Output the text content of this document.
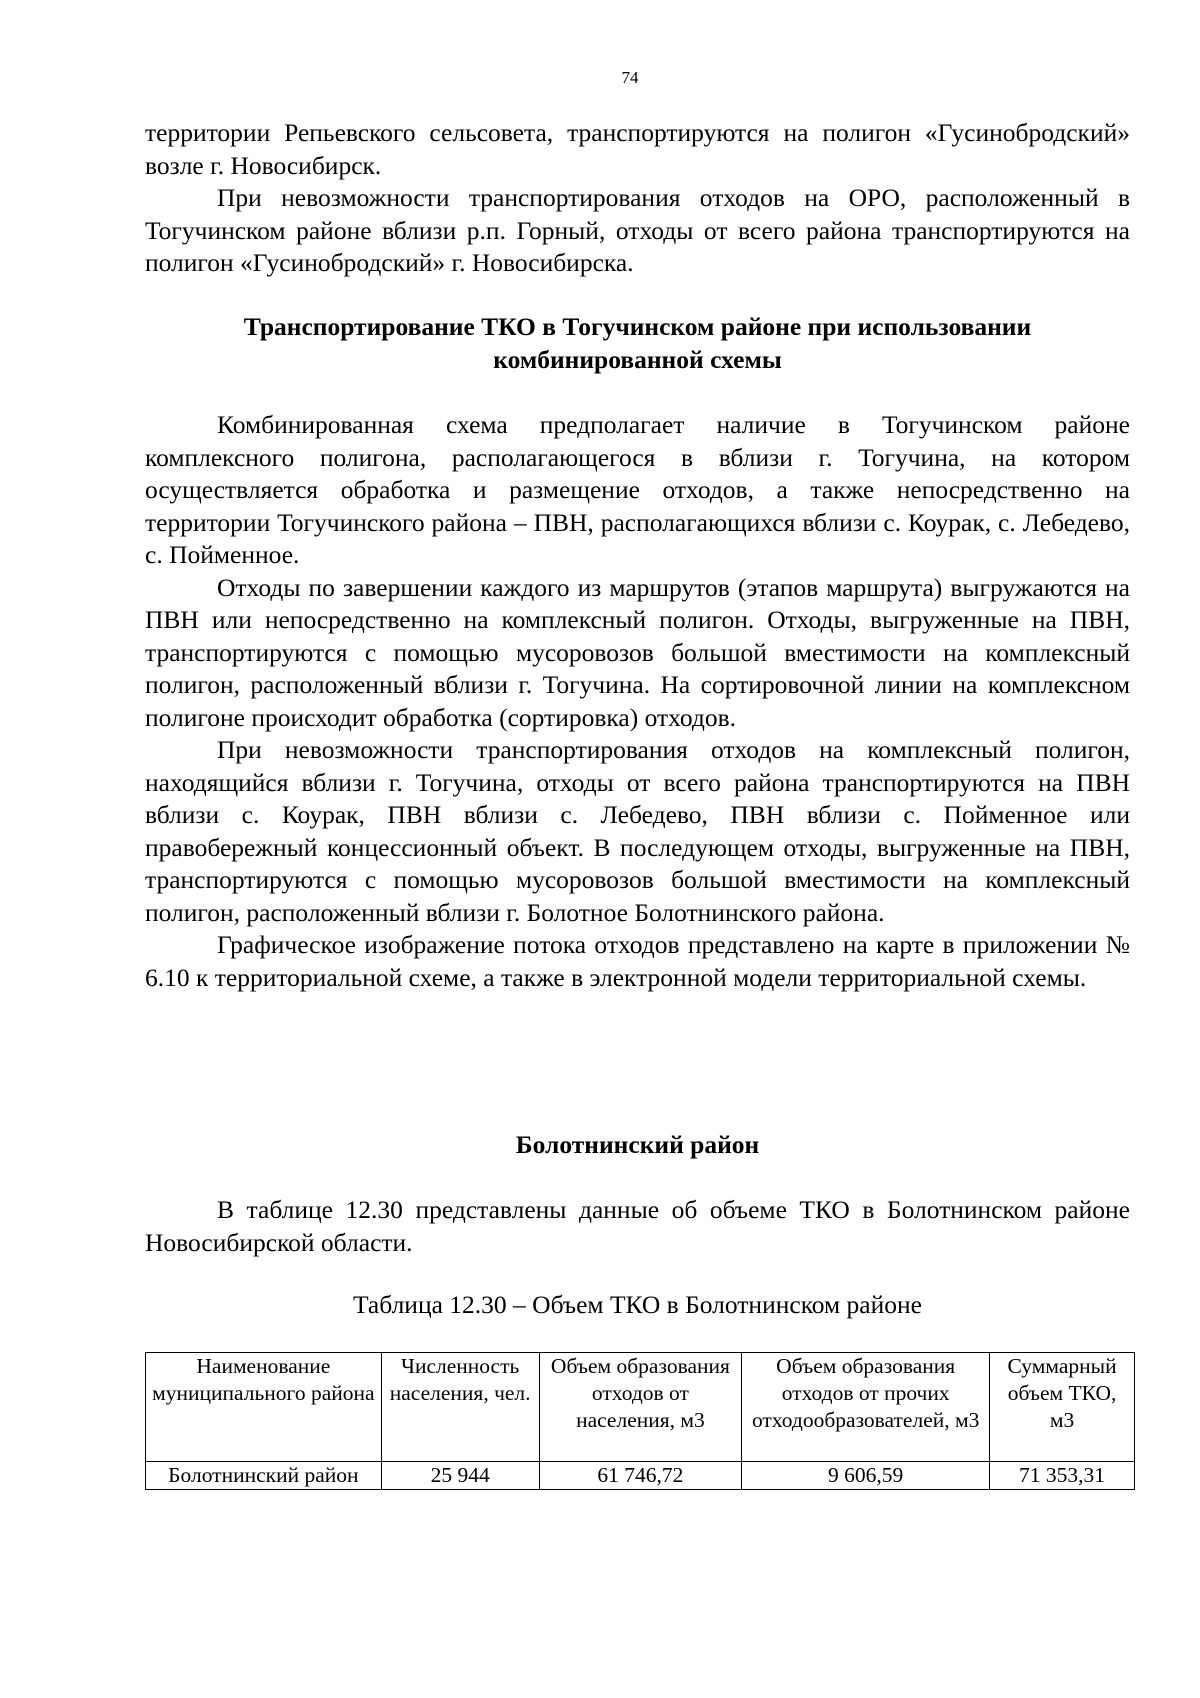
74

территории Репьевского сельсовета, транспортируются на полигон «Гусинобродский» возле г. Новосибирск.

При невозможности транспортирования отходов на ОРО, расположенный в Тогучинском районе вблизи р.п. Горный, отходы от всего района транспортируются на полигон «Гусинобродский» г. Новосибирска.

Транспортирование ТКО в Тогучинском районе при использовании

комбинированной схемы

Комбинированная схема предполагает наличие в Тогучинском районе комплексного полигона, располагающегося в вблизи г. Тогучина, на котором осуществляется обработка и размещение отходов, а также непосредственно на территории Тогучинского района – ПВН, располагающихся вблизи с. Коурак, с. Лебедево, с. Пойменное.

Отходы по завершении каждого из маршрутов (этапов маршрута) выгружаются на ПВН или непосредственно на комплексный полигон. Отходы, выгруженные на ПВН, транспортируются с помощью мусоровозов большой вместимости на комплексный полигон, расположенный вблизи г. Тогучина. На сортировочной линии на комплексном полигоне происходит обработка (сортировка) отходов.

При невозможности транспортирования отходов на комплексный полигон, находящийся вблизи г. Тогучина, отходы от всего района транспортируются на ПВН вблизи с. Коурак, ПВН вблизи с. Лебедево, ПВН вблизи с. Пойменное или правобережный концессионный объект. В последующем отходы, выгруженные на ПВН, транспортируются с помощью мусоровозов большой вместимости на комплексный полигон, расположенный вблизи г. Болотное Болотнинского района.

Графическое изображение потока отходов представлено на карте в приложении № 6.10 к территориальной схеме, а также в электронной модели территориальной схемы.

Болотнинский район

В таблице 12.30 представлены данные об объеме ТКО в Болотнинском районе Новосибирской области.

Таблица 12.30 – Объем ТКО в Болотнинском районе
Наименование муниципального района	Численность населения, чел.	Объем образования отходов от населения, м3	Объем образования отходов от прочих отходообразователей, м3	Суммарный объем ТКО, м3
Болотнинский район	25 944	61 746,72	9 606,59	71 353,31
